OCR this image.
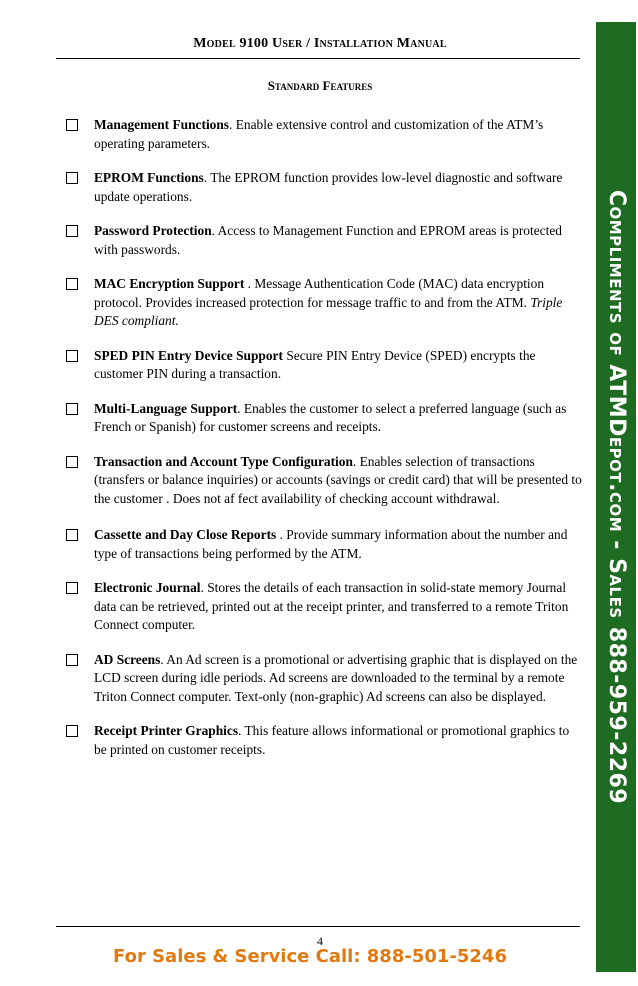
Model 9100 User / Installation Manual
Standard Features
Management Functions. Enable extensive control and customization of the ATM’s operating parameters.
EPROM Functions. The EPROM function provides low-level diagnostic and software update operations.
Password Protection. Access to Management Function and EPROM areas is protected with passwords.
MAC Encryption Support . Message Authentication Code (MAC) data encryption protocol. Provides increased protection for message traffic to and from the ATM. Triple DES compliant.
SPED PIN Entry Device Support Secure PIN Entry Device (SPED) encrypts the customer PIN during a transaction.
Multi-Language Support. Enables the customer to select a preferred language (such as French or Spanish) for customer screens and receipts.
Transaction and Account Type Configuration. Enables selection of transactions (transfers or balance inquiries) or accounts (savings or credit card) that will be presented to the customer . Does not af fect availability of checking account withdrawal.
Cassette and Day Close Reports . Provide summary information about the number and type of transactions being performed by the ATM.
Electronic Journal. Stores the details of each transaction in solid-state memory Journal data can be retrieved, printed out at the receipt printer, and transferred to a remote Triton Connect computer.
AD Screens. An Ad screen is a promotional or advertising graphic that is displayed on the LCD screen during idle periods. Ad screens are downloaded to the terminal by a remote Triton Connect computer. Text-only (non-graphic) Ad screens can also be displayed.
Receipt Printer Graphics. This feature allows informational or promotional graphics to be printed on customer receipts.
4
For Sales & Service Call: 888-501-5246
Compliments of ATMDepot.com - Sales 888-959-2269
